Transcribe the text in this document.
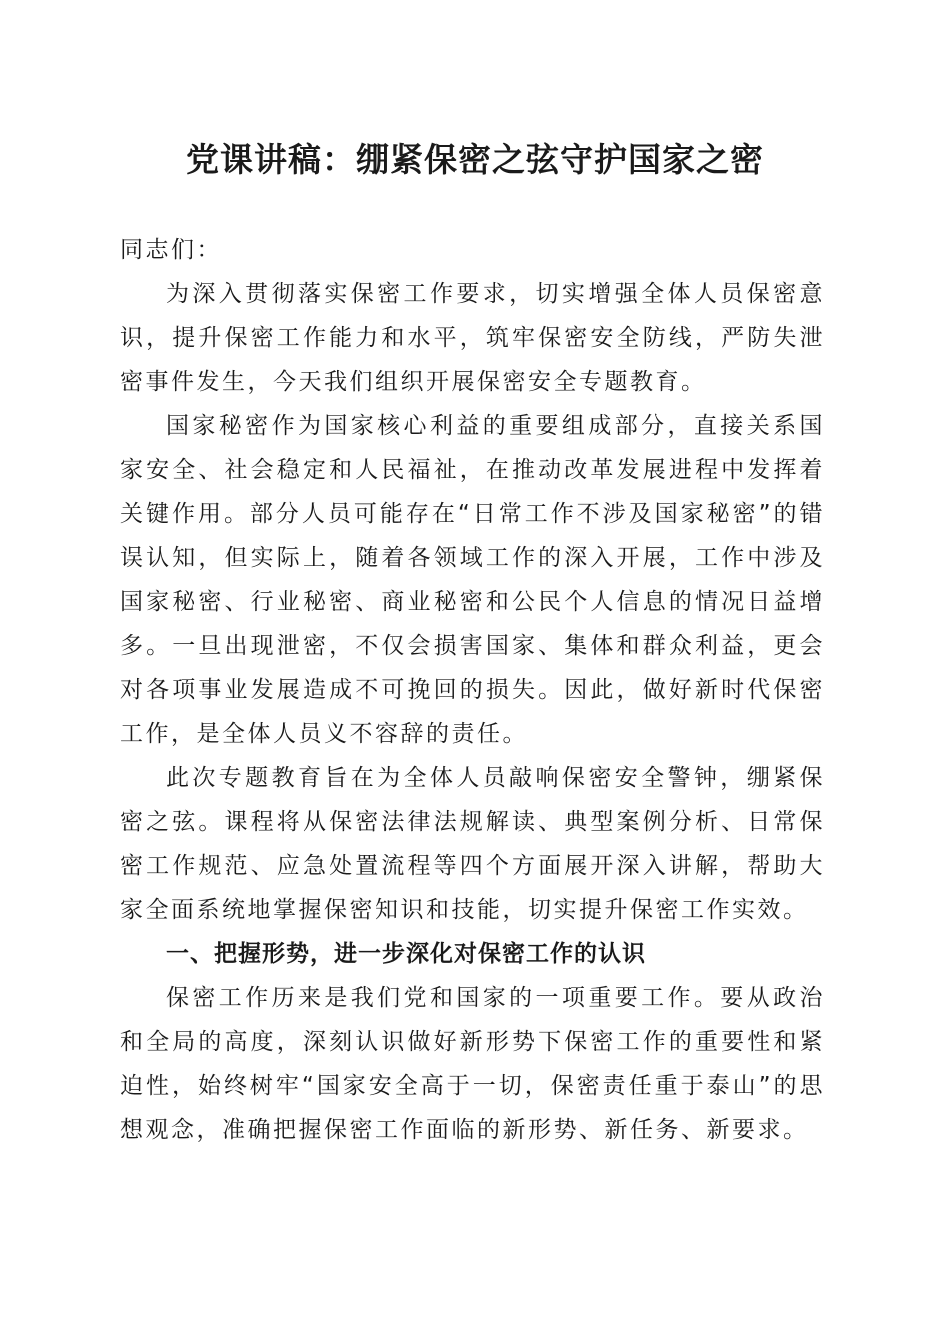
党课讲稿：绷紧保密之弦守护国家之密

同志们：

为深入贯彻落实保密工作要求，切实增强全体人员保密意识，提升保密工作能力和水平，筑牢保密安全防线，严防失泄密事件发生，今天我们组织开展保密安全专题教育。

国家秘密作为国家核心利益的重要组成部分，直接关系国家安全、社会稳定和人民福祉，在推动改革发展进程中发挥着关键作用。部分人员可能存在“日常工作不涉及国家秘密”的错误认知，但实际上，随着各领域工作的深入开展，工作中涉及国家秘密、行业秘密、商业秘密和公民个人信息的情况日益增多。一旦出现泄密，不仅会损害国家、集体和群众利益，更会对各项事业发展造成不可挽回的损失。因此，做好新时代保密工作，是全体人员义不容辞的责任。

此次专题教育旨在为全体人员敲响保密安全警钟，绷紧保密之弦。课程将从保密法律法规解读、典型案例分析、日常保密工作规范、应急处置流程等四个方面展开深入讲解，帮助大家全面系统地掌握保密知识和技能，切实提升保密工作实效。

一、把握形势，进一步深化对保密工作的认识

保密工作历来是我们党和国家的一项重要工作。要从政治和全局的高度，深刻认识做好新形势下保密工作的重要性和紧迫性，始终树牢“国家安全高于一切，保密责任重于泰山”的思想观念，准确把握保密工作面临的新形势、新任务、新要求。
